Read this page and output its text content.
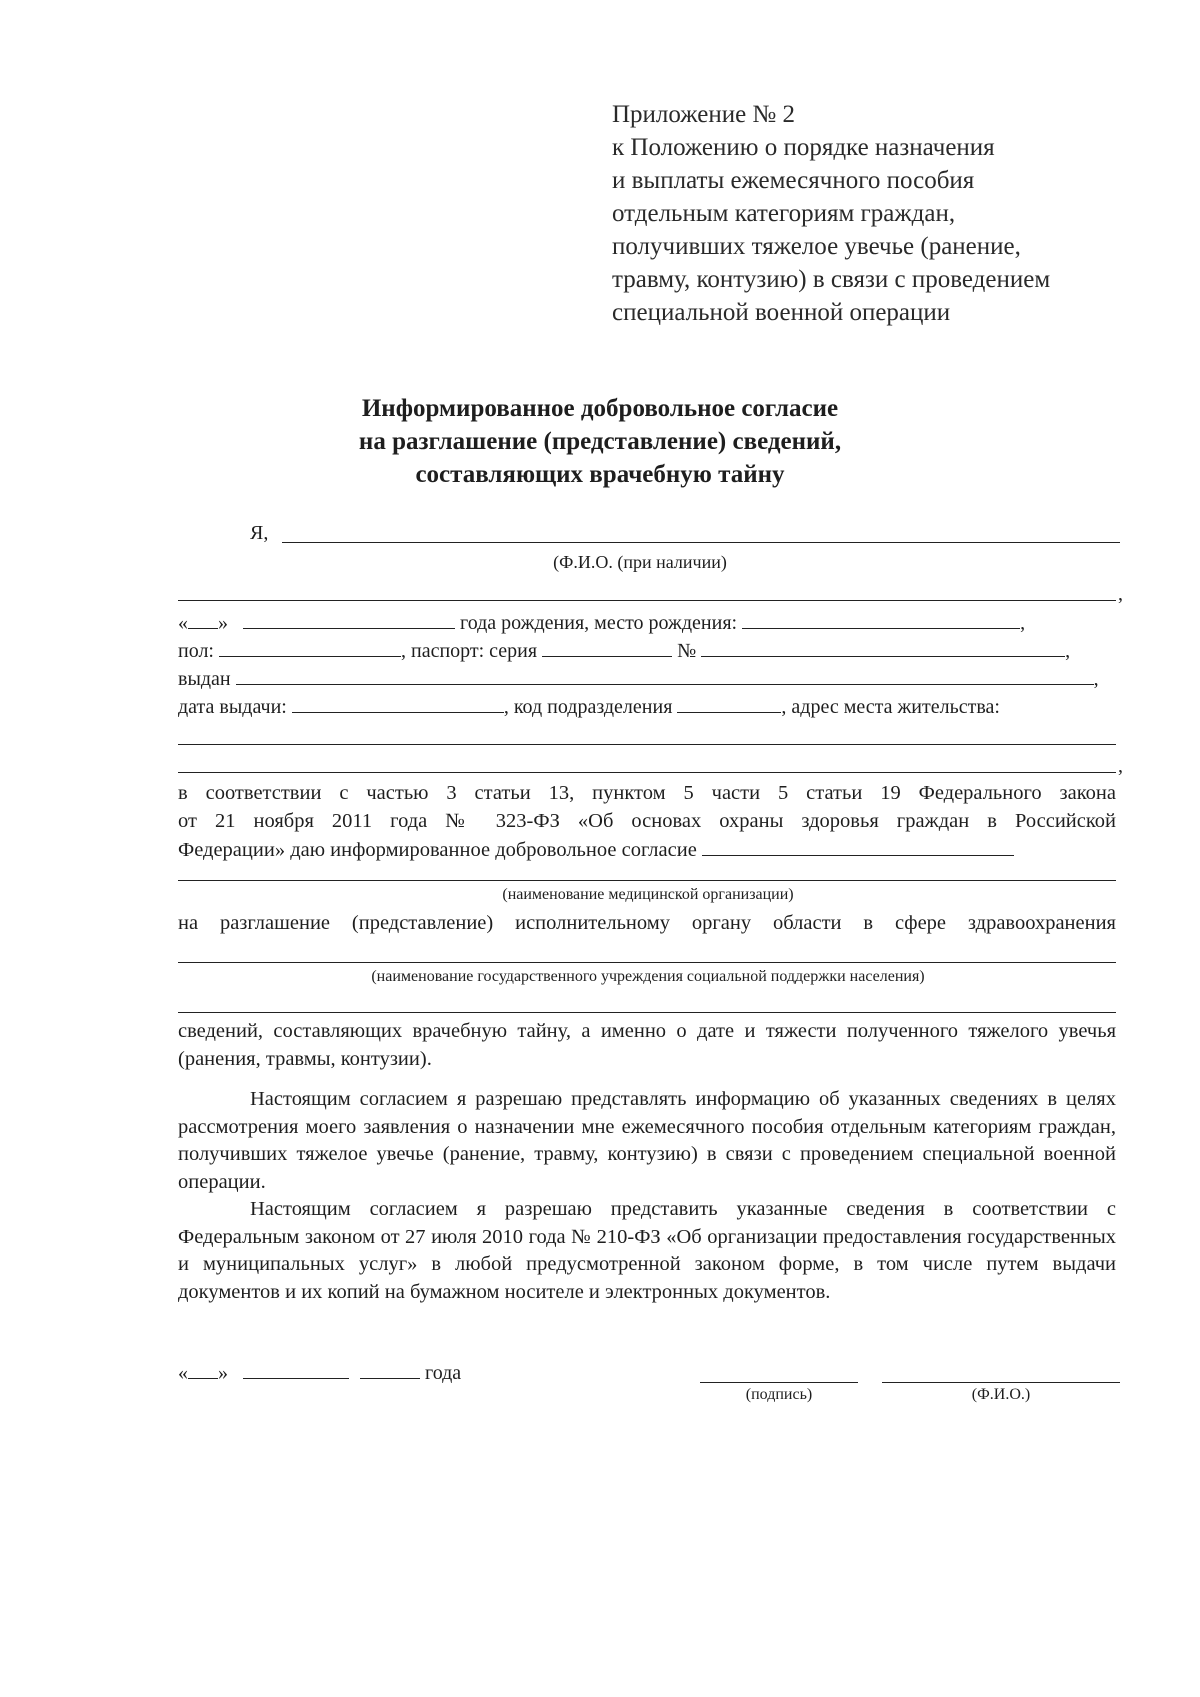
Приложение № 2
к Положению о порядке назначения
и выплаты ежемесячного пособия
отдельным категориям граждан,
получивших тяжелое увечье (ранение,
травму, контузию) в связи с проведением
специальной военной операции
Информированное добровольное согласие
на разглашение (представление) сведений,
составляющих врачебную тайну
Я,
(Ф.И.О. (при наличии)
,
« »	года рождения, место рождения:	,
пол:	, паспорт: серия	№	,
выдан	,
дата выдачи:	, код подразделения	, адрес места жительства:
,
в соответствии с частью 3 статьи 13, пунктом 5 части 5 статьи 19 Федерального закона
от 21 ноября 2011 года № 323-ФЗ «Об основах охраны здоровья граждан в Российской
Федерации» даю информированное добровольное согласие
(наименование медицинской организации)
на разглашение (представление) исполнительному органу области в сфере здравоохранения
(наименование государственного учреждения социальной поддержки населения)

сведений, составляющих врачебную тайну, а именно о дате и тяжести полученного тяжелого увечья (ранения, травмы, контузии).

Настоящим согласием я разрешаю представлять информацию об указанных сведениях в целях рассмотрения моего заявления о назначении мне ежемесячного пособия отдельным категориям граждан, получивших тяжелое увечье (ранение, травму, контузию) в связи с проведением специальной военной операции.

Настоящим согласием я разрешаю представить указанные сведения в соответствии с Федеральным законом от 27 июля 2010 года № 210-ФЗ «Об организации предоставления государственных и муниципальных услуг» в любой предусмотренной законом форме, в том числе путем выдачи документов и их копий на бумажном носителе и электронных документов.

« »	года
(подпись)	(Ф.И.О.)
